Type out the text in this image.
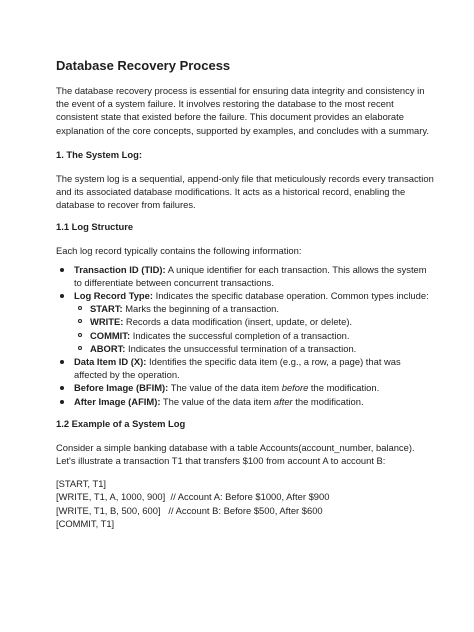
Database Recovery Process

The database recovery process is essential for ensuring data integrity and consistency in the event of a system failure. It involves restoring the database to the most recent consistent state that existed before the failure. This document provides an elaborate explanation of the core concepts, supported by examples, and concludes with a summary.

1. The System Log:

The system log is a sequential, append-only file that meticulously records every transaction and its associated database modifications. It acts as a historical record, enabling the database to recover from failures.

1.1 Log Structure

Each log record typically contains the following information:

Transaction ID (TID): A unique identifier for each transaction. This allows the system to differentiate between concurrent transactions.
Log Record Type: Indicates the specific database operation. Common types include:
START: Marks the beginning of a transaction.
WRITE: Records a data modification (insert, update, or delete).
COMMIT: Indicates the successful completion of a transaction.
ABORT: Indicates the unsuccessful termination of a transaction.
Data Item ID (X): Identifies the specific data item (e.g., a row, a page) that was affected by the operation.
Before Image (BFIM): The value of the data item before the modification.
After Image (AFIM): The value of the data item after the modification.
1.2 Example of a System Log

Consider a simple banking database with a table Accounts(account_number, balance). Let's illustrate a transaction T1 that transfers $100 from account A to account B:

[START, T1]
[WRITE, T1, A, 1000, 900]  // Account A: Before $1000, After $900
[WRITE, T1, B, 500, 600]   // Account B: Before $500, After $600
[COMMIT, T1]
